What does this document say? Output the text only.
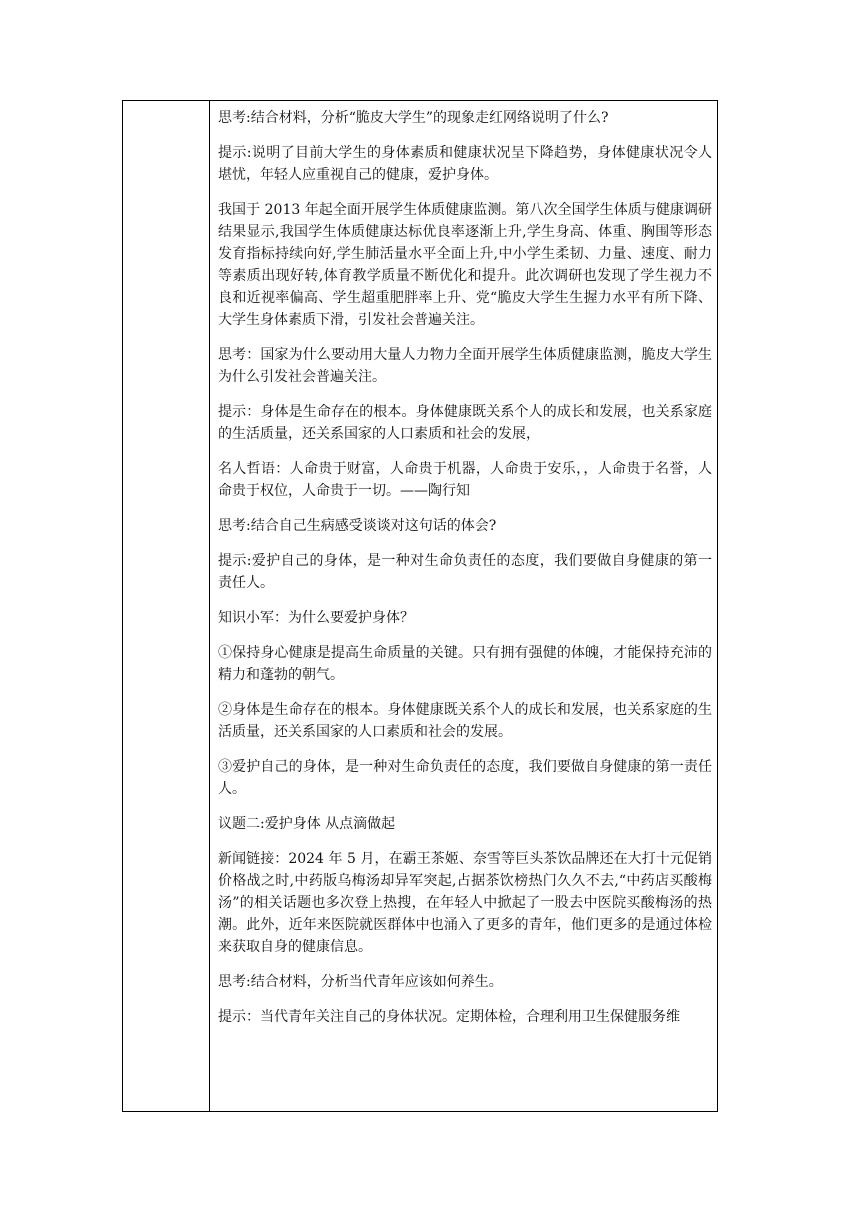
思考:结合材料，分析“脆皮大学生”的现象走红网络说明了什么?

提示:说明了目前大学生的身体素质和健康状况呈下降趋势，身体健康状况令人堪忧，年轻人应重视自己的健康，爱护身体。

我国于 2013 年起全面开展学生体质健康监测。第八次全国学生体质与健康调研结果显示,我国学生体质健康达标优良率逐渐上升,学生身高、体重、胸围等形态发育指标持续向好,学生肺活量水平全面上升,中小学生柔韧、力量、速度、耐力等素质出现好转,体育教学质量不断优化和提升。此次调研也发现了学生视力不良和近视率偏高、学生超重肥胖率上升、党“脆皮大学生生握力水平有所下降、大学生身体素质下滑，引发社会普遍关注。

思考：国家为什么要动用大量人力物力全面开展学生体质健康监测，脆皮大学生为什么引发社会普遍关注。

提示：身体是生命存在的根本。身体健康既关系个人的成长和发展，也关系家庭的生活质量，还关系国家的人口素质和社会的发展，

名人哲语：人命贵于财富，人命贵于机器，人命贵于安乐，，人命贵于名誉，人命贵于权位，人命贵于一切。——陶行知

思考:结合自己生病感受谈谈对这句话的体会?

提示:爱护自己的身体，是一种对生命负责任的态度，我们要做自身健康的第一责任人。

知识小军：为什么要爱护身体？

①保持身心健康是提高生命质量的关键。只有拥有强健的体魄，才能保持充沛的精力和蓬勃的朝气。

②身体是生命存在的根本。身体健康既关系个人的成长和发展，也关系家庭的生活质量，还关系国家的人口素质和社会的发展。

③爱护自己的身体，是一种对生命负责任的态度，我们要做自身健康的第一责任人。

议题二:爱护身体 从点滴做起

新闻链接：2024 年 5 月，在霸王茶姬、奈雪等巨头茶饮品牌还在大打十元促销价格战之时,中药版乌梅汤却异军突起,占据茶饮榜热门久久不去,“中药店买酸梅汤”的相关话题也多次登上热搜，在年轻人中掀起了一股去中医院买酸梅汤的热潮。此外，近年来医院就医群体中也涌入了更多的青年，他们更多的是通过体检来获取自身的健康信息。

思考:结合材料，分析当代青年应该如何养生。

提示：当代青年关注自己的身体状况。定期体检，合理利用卫生保健服务维
